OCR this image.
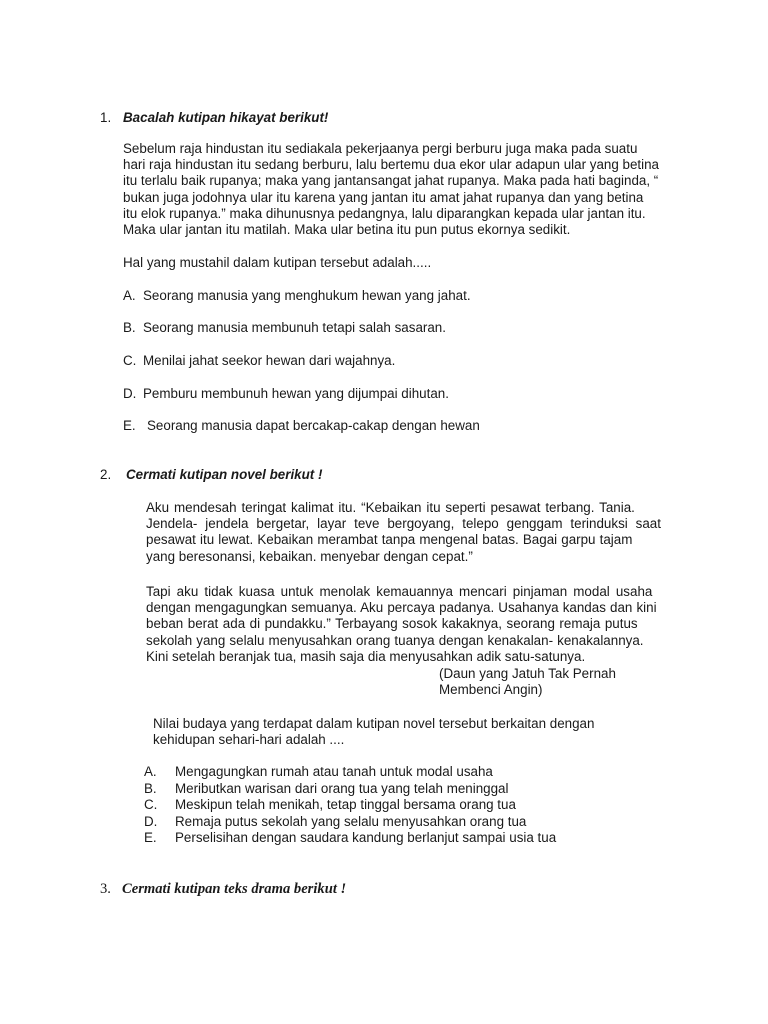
1. Bacalah kutipan hikayat berikut!
Sebelum raja hindustan itu sediakala pekerjaanya pergi berburu juga maka pada suatu
hari raja hindustan itu sedang berburu, lalu bertemu dua ekor ular adapun ular yang betina
itu terlalu baik rupanya; maka yang jantansangat jahat rupanya. Maka pada hati baginda, “
bukan juga jodohnya ular itu karena yang jantan itu amat jahat rupanya dan yang betina
itu elok rupanya.” maka dihunusnya pedangnya, lalu diparangkan kepada ular jantan itu.
Maka ular jantan itu matilah. Maka ular betina itu pun putus ekornya sedikit.
Hal yang mustahil dalam kutipan tersebut adalah.....
A. Seorang manusia yang menghukum hewan yang jahat.
B. Seorang manusia membunuh tetapi salah sasaran.
C. Menilai jahat seekor hewan dari wajahnya.
D. Pemburu membunuh hewan yang dijumpai dihutan.
E. Seorang manusia dapat bercakap-cakap dengan hewan
2. Cermati kutipan novel berikut !
Aku mendesah teringat kalimat itu. “Kebaikan itu seperti pesawat terbang. Tania.
Jendela- jendela bergetar, layar teve bergoyang, telepo genggam terinduksi saat
pesawat itu lewat. Kebaikan merambat tanpa mengenal batas. Bagai garpu tajam
yang beresonansi, kebaikan. menyebar dengan cepat.”
Tapi aku tidak kuasa untuk menolak kemauannya mencari pinjaman modal usaha
dengan mengagungkan semuanya. Aku percaya padanya. Usahanya kandas dan kini
beban berat ada di pundakku.” Terbayang sosok kakaknya, seorang remaja putus
sekolah yang selalu menyusahkan orang tuanya dengan kenakalan- kenakalannya.
Kini setelah beranjak tua, masih saja dia menyusahkan adik satu-satunya.
(Daun yang Jatuh Tak Pernah
Membenci Angin)
Nilai budaya yang terdapat dalam kutipan novel tersebut berkaitan dengan
kehidupan sehari-hari adalah ....
A. Mengagungkan rumah atau tanah untuk modal usaha
B. Meributkan warisan dari orang tua yang telah meninggal
C. Meskipun telah menikah, tetap tinggal bersama orang tua
D. Remaja putus sekolah yang selalu menyusahkan orang tua
E. Perselisihan dengan saudara kandung berlanjut sampai usia tua
3. Cermati kutipan teks drama berikut !
